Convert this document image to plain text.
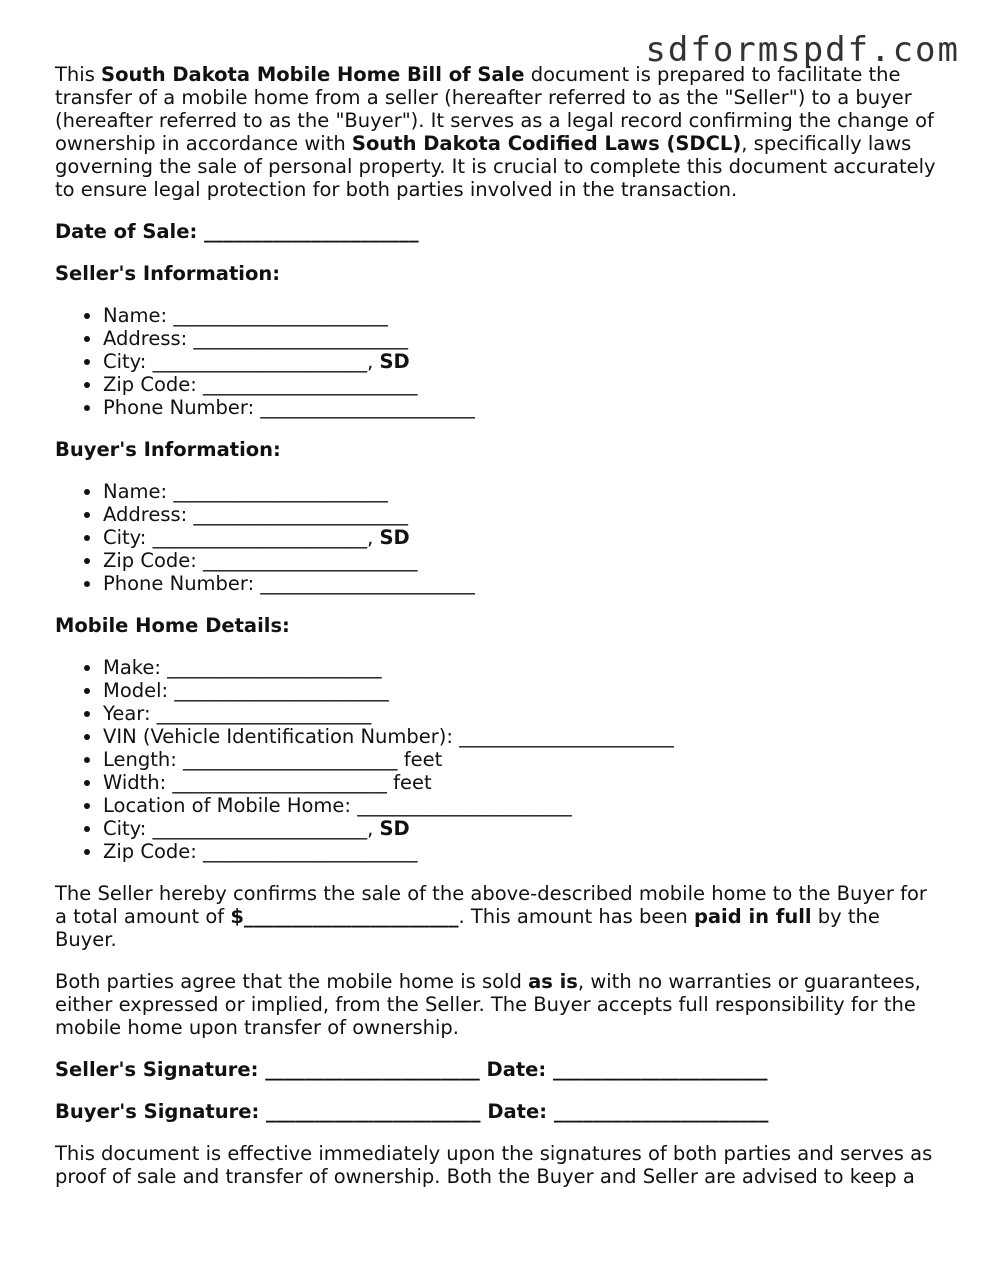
sdformspdf.com

This South Dakota Mobile Home Bill of Sale document is prepared to facilitate the transfer of a mobile home from a seller (hereafter referred to as the "Seller") to a buyer (hereafter referred to as the "Buyer"). It serves as a legal record confirming the change of ownership in accordance with South Dakota Codified Laws (SDCL), specifically laws governing the sale of personal property. It is crucial to complete this document accurately to ensure legal protection for both parties involved in the transaction.

Date of Sale: ______________________

Seller's Information:

• Name: ______________________
• Address: ______________________
• City: ______________________, SD
• Zip Code: ______________________
• Phone Number: ______________________

Buyer's Information:

• Name: ______________________
• Address: ______________________
• City: ______________________, SD
• Zip Code: ______________________
• Phone Number: ______________________

Mobile Home Details:

• Make: ______________________
• Model: ______________________
• Year: ______________________
• VIN (Vehicle Identification Number): ______________________
• Length: ______________________ feet
• Width: ______________________ feet
• Location of Mobile Home: ______________________
• City: ______________________, SD
• Zip Code: ______________________

The Seller hereby confirms the sale of the above-described mobile home to the Buyer for a total amount of $______________________. This amount has been paid in full by the Buyer.

Both parties agree that the mobile home is sold as is, with no warranties or guarantees, either expressed or implied, from the Seller. The Buyer accepts full responsibility for the mobile home upon transfer of ownership.

Seller's Signature: ______________________ Date: ______________________

Buyer's Signature: ______________________ Date: ______________________

This document is effective immediately upon the signatures of both parties and serves as proof of sale and transfer of ownership. Both the Buyer and Seller are advised to keep a
